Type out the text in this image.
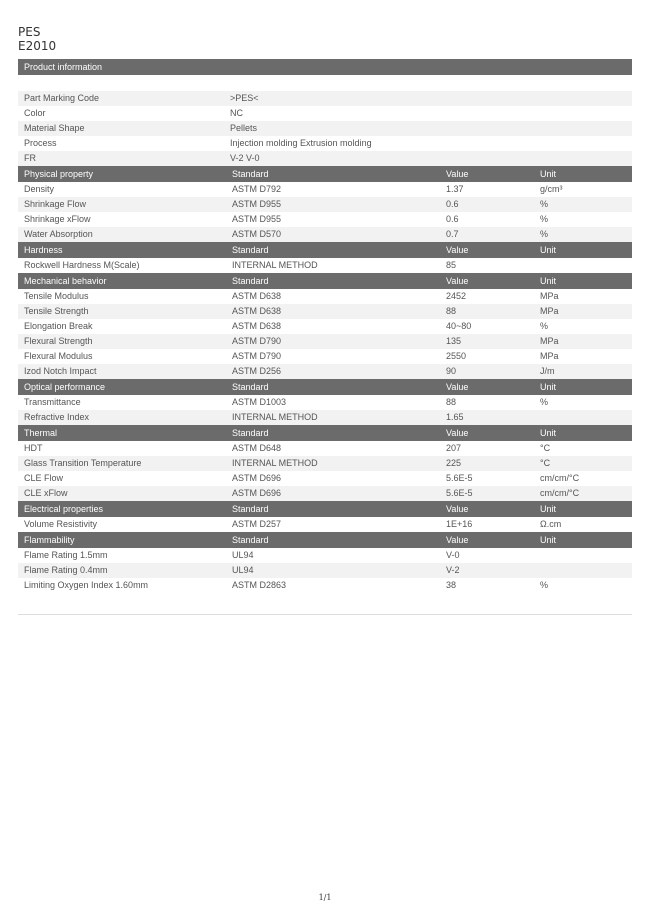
PES
E2010
Product information
Part Marking Code	>PES<
Color	NC
Material Shape	Pellets
Process	Injection molding Extrusion molding
FR	V-2 V-0
Physical property	Standard	Value	Unit
Density	ASTM D792	1.37	g/cm³
Shrinkage Flow	ASTM D955	0.6	%
Shrinkage xFlow	ASTM D955	0.6	%
Water Absorption	ASTM D570	0.7	%
Hardness	Standard	Value	Unit
Rockwell Hardness M(Scale)	INTERNAL METHOD	85
Mechanical behavior	Standard	Value	Unit
Tensile Modulus	ASTM D638	2452	MPa
Tensile Strength	ASTM D638	88	MPa
Elongation Break	ASTM D638	40~80	%
Flexural Strength	ASTM D790	135	MPa
Flexural Modulus	ASTM D790	2550	MPa
Izod Notch Impact	ASTM D256	90	J/m
Optical performance	Standard	Value	Unit
Transmittance	ASTM D1003	88	%
Refractive Index	INTERNAL METHOD	1.65
Thermal	Standard	Value	Unit
HDT	ASTM D648	207	°C
Glass Transition Temperature	INTERNAL METHOD	225	°C
CLE Flow	ASTM D696	5.6E-5	cm/cm/°C
CLE xFlow	ASTM D696	5.6E-5	cm/cm/°C
Electrical properties	Standard	Value	Unit
Volume Resistivity	ASTM D257	1E+16	Ω.cm
Flammability	Standard	Value	Unit
Flame Rating 1.5mm	UL94	V-0
Flame Rating 0.4mm	UL94	V-2
Limiting Oxygen Index 1.60mm	ASTM D2863	38	%
1/1
